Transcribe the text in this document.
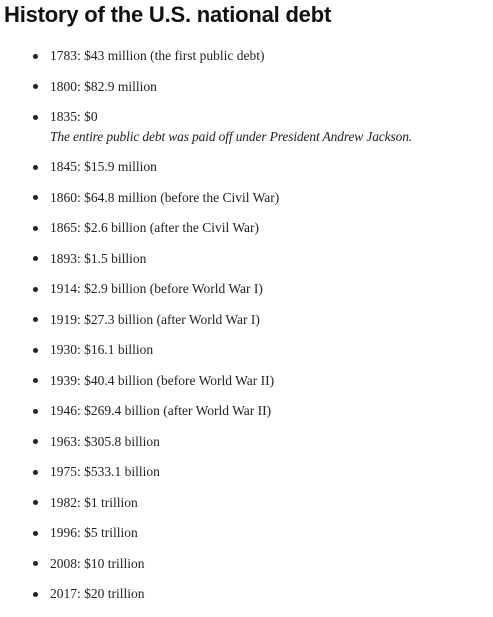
History of the U.S. national debt
1783: $43 million (the first public debt)
1800: $82.9 million
1835: $0
The entire public debt was paid off under President Andrew Jackson.
1845: $15.9 million
1860: $64.8 million (before the Civil War)
1865: $2.6 billion (after the Civil War)
1893: $1.5 billion
1914: $2.9 billion (before World War I)
1919: $27.3 billion (after World War I)
1930: $16.1 billion
1939: $40.4 billion (before World War II)
1946: $269.4 billion (after World War II)
1963: $305.8 billion
1975: $533.1 billion
1982: $1 trillion
1996: $5 trillion
2008: $10 trillion
2017: $20 trillion
